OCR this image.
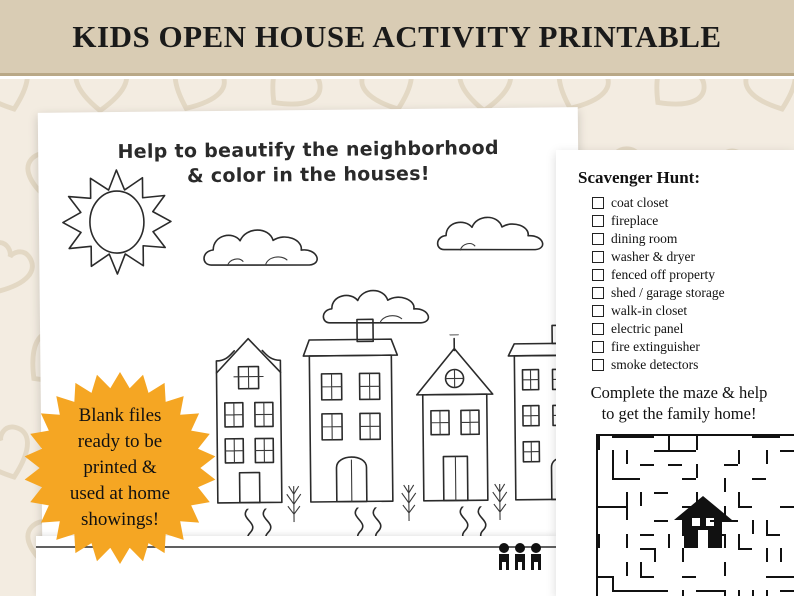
KIDS OPEN HOUSE ACTIVITY PRINTABLE
Help to beautify the neighborhood
& color in the houses!	Scavenger Hunt:
coat closet
fireplace
dining room
washer & dryer
fenced off property
shed / garage storage
walk-in closet
electric panel
fire extinguisher
smoke detectors
Complete the maze & help
to get the family home!
Blank files
ready to be
printed &
used at home
showings!
